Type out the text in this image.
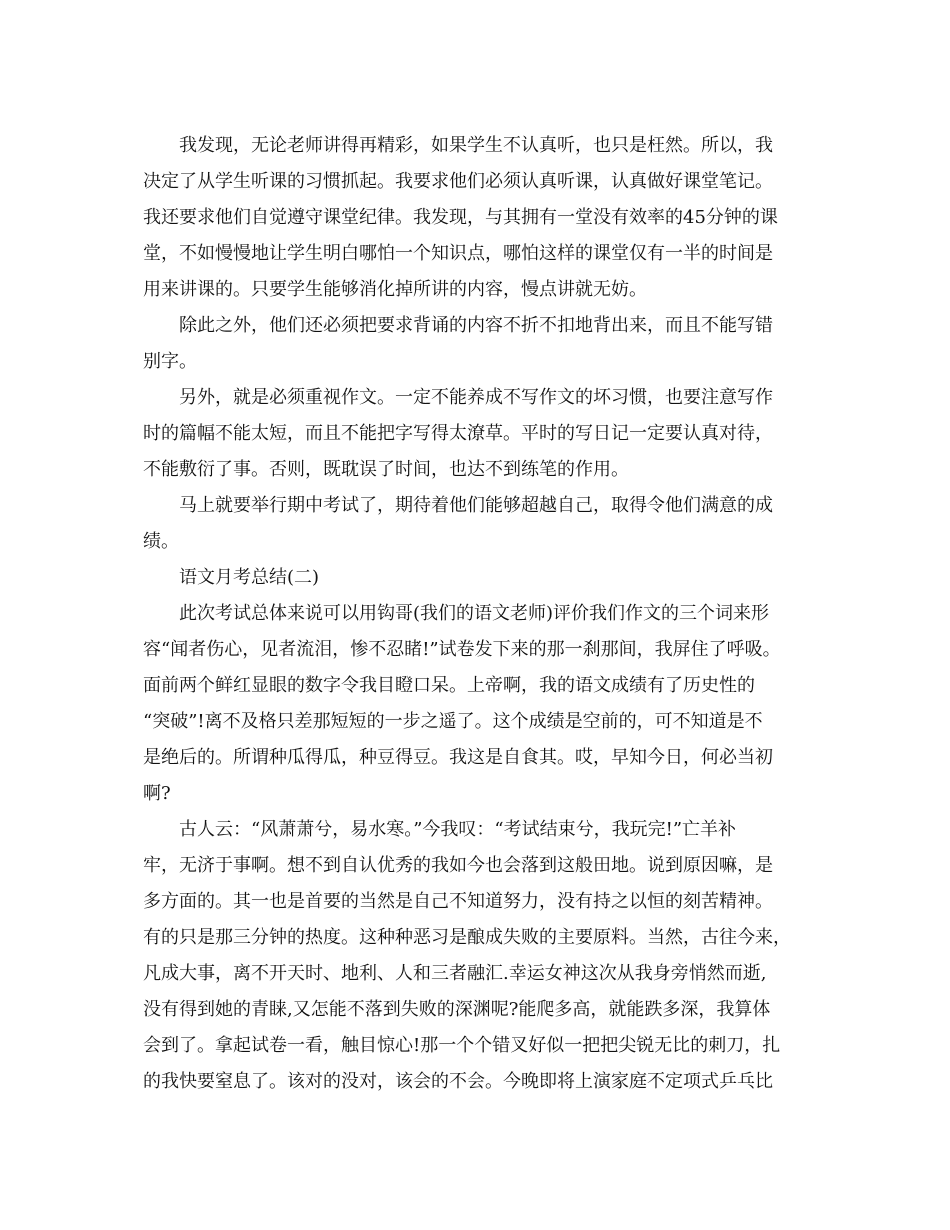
我发现，无论老师讲得再精彩，如果学生不认真听，也只是枉然。所以，我
决定了从学生听课的习惯抓起。我要求他们必须认真听课，认真做好课堂笔记。
我还要求他们自觉遵守课堂纪律。我发现，与其拥有一堂没有效率的45分钟的课
堂，不如慢慢地让学生明白哪怕一个知识点，哪怕这样的课堂仅有一半的时间是
用来讲课的。只要学生能够消化掉所讲的内容，慢点讲就无妨。
除此之外，他们还必须把要求背诵的内容不折不扣地背出来，而且不能写错
别字。
另外，就是必须重视作文。一定不能养成不写作文的坏习惯，也要注意写作
时的篇幅不能太短，而且不能把字写得太潦草。平时的写日记一定要认真对待，
不能敷衍了事。否则，既耽误了时间，也达不到练笔的作用。
马上就要举行期中考试了，期待着他们能够超越自己，取得令他们满意的成
绩。
语文月考总结(二)
此次考试总体来说可以用钩哥(我们的语文老师)评价我们作文的三个词来形
容“闻者伤心，见者流泪，惨不忍睹!”试卷发下来的那一刹那间，我屏住了呼吸。
面前两个鲜红显眼的数字令我目瞪口呆。上帝啊，我的语文成绩有了历史性的
“突破”!离不及格只差那短短的一步之遥了。这个成绩是空前的，可不知道是不
是绝后的。所谓种瓜得瓜，种豆得豆。我这是自食其。哎，早知今日，何必当初
啊?
古人云：“风萧萧兮，易水寒。”今我叹：“考试结束兮，我玩完!”亡羊补
牢，无济于事啊。想不到自认优秀的我如今也会落到这般田地。说到原因嘛，是
多方面的。其一也是首要的当然是自己不知道努力，没有持之以恒的刻苦精神。
有的只是那三分钟的热度。这种种恶习是酿成失败的主要原料。当然，古往今来，
凡成大事，离不开天时、地利、人和三者融汇.幸运女神这次从我身旁悄然而逝,
没有得到她的青睐,又怎能不落到失败的深渊呢?能爬多高，就能跌多深，我算体
会到了。拿起试卷一看，触目惊心!那一个个错叉好似一把把尖锐无比的刺刀，扎
的我快要窒息了。该对的没对，该会的不会。今晚即将上演家庭不定项式乒乓比
